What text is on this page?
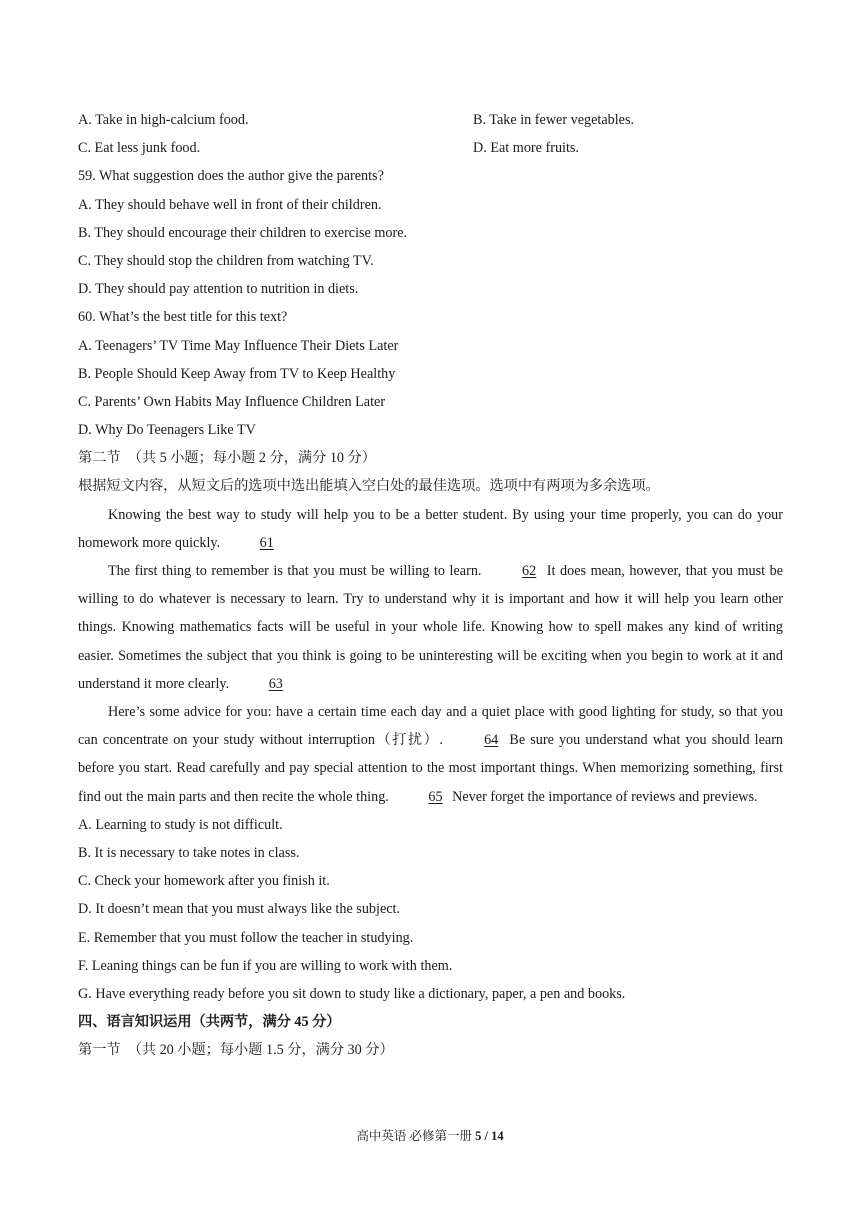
A. Take in high-calcium food.	B. Take in fewer vegetables.
C. Eat less junk food.	D. Eat more fruits.
59. What suggestion does the author give the parents?
A. They should behave well in front of their children.
B. They should encourage their children to exercise more.
C. They should stop the children from watching TV.
D. They should pay attention to nutrition in diets.
60. What’s the best title for this text?
A. Teenagers’ TV Time May Influence Their Diets Later
B. People Should Keep Away from TV to Keep Healthy
C. Parents’ Own Habits May Influence Children Later
D. Why Do Teenagers Like TV
第二节　（共 5 小题；每小题 2 分，满分 10 分）
根据短文内容，从短文后的选项中选出能填入空白处的最佳选项。选项中有两项为多余选项。
Knowing the best way to study will help you to be a better student. By using your time properly, you can do your homework more quickly.	61
The first thing to remember is that you must be willing to learn.	62 It does mean, however, that you must be willing to do whatever is necessary to learn. Try to understand why it is important and how it will help you learn other things. Knowing mathematics facts will be useful in your whole life. Knowing how to spell makes any kind of writing easier. Sometimes the subject that you think is going to be uninteresting will be exciting when you begin to work at it and understand it more clearly.	63
Here’s some advice for you: have a certain time each day and a quiet place with good lighting for study, so that you can concentrate on your study without interruption（打扰）.	64 Be sure you understand what you should learn before you start. Read carefully and pay special attention to the most important things. When memorizing something, first find out the main parts and then recite the whole thing.	65 Never forget the importance of reviews and previews.
A. Learning to study is not difficult.
B. It is necessary to take notes in class.
C. Check your homework after you finish it.
D. It doesn’t mean that you must always like the subject.
E. Remember that you must follow the teacher in studying.
F. Leaning things can be fun if you are willing to work with them.
G. Have everything ready before you sit down to study like a dictionary, paper, a pen and books.
四、语言知识运用（共两节，满分 45 分）
第一节　（共 20 小题；每小题 1.5 分，满分 30 分）
高中英语 必修第一册 5 / 14
